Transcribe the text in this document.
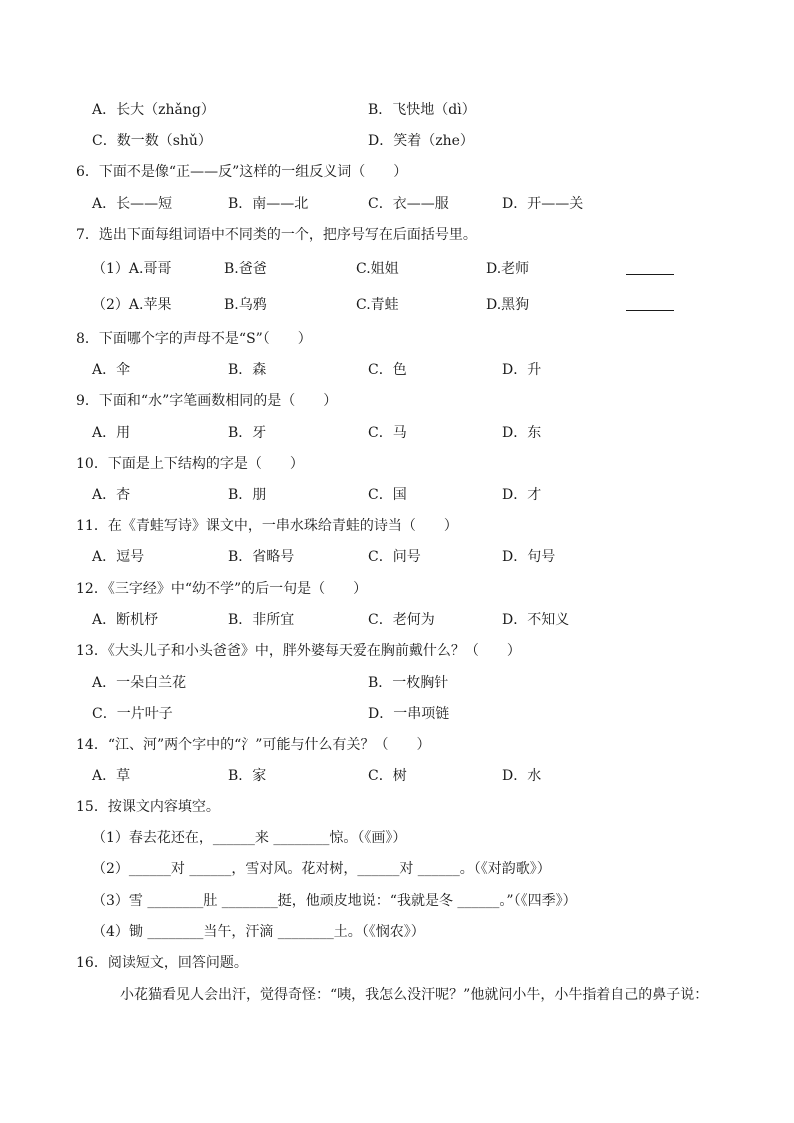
A．长大（zhǎng）	B．飞快地（dì）
C．数一数（shǔ）	D．笑着（zhe）
6．下面不是像“正——反”这样的一组反义词（　　）
A．长——短	B．南——北	C．衣——服	D．开——关
7．选出下面每组词语中不同类的一个，把序号写在后面括号里。
（1）A.哥哥	B.爸爸	C.姐姐	D.老师
（2）A.苹果	B.乌鸦	C.青蛙	D.黑狗
8．下面哪个字的声母不是“S”（　　）
A．伞	B．森	C．色	D．升
9．下面和“水”字笔画数相同的是（　　）
A．用	B．牙	C．马	D．东
10．下面是上下结构的字是（　　）
A．杏	B．朋	C．国	D．才
11．在《青蛙写诗》课文中，一串水珠给青蛙的诗当（　　）
A．逗号	B．省略号	C．问号	D．句号
12．《三字经》中“幼不学”的后一句是（　　）
A．断机杼	B．非所宜	C．老何为	D．不知义
13．《大头儿子和小头爸爸》中，胖外婆每天爱在胸前戴什么？（　　）
A．一朵白兰花	B．一枚胸针
C．一片叶子	D．一串项链
14．“江、河”两个字中的“氵”可能与什么有关？（　　）
A．草	B．家	C．树	D．水
15．按课文内容填空。
（1）春去花还在，______来 ________惊。（《画》）
（2）______对 ______，雪对风。花对树，______对 ______。（《对韵歌》）
（3）雪 ________肚 ________挺，他顽皮地说：“我就是冬 ______。”（《四季》）
（4）锄 ________当午，汗滴 ________土。（《悯农》）
16．阅读短文，回答问题。
小花猫看见人会出汗，觉得奇怪：“咦，我怎么没汗呢？”他就问小牛，小牛指着自己的鼻子说：
